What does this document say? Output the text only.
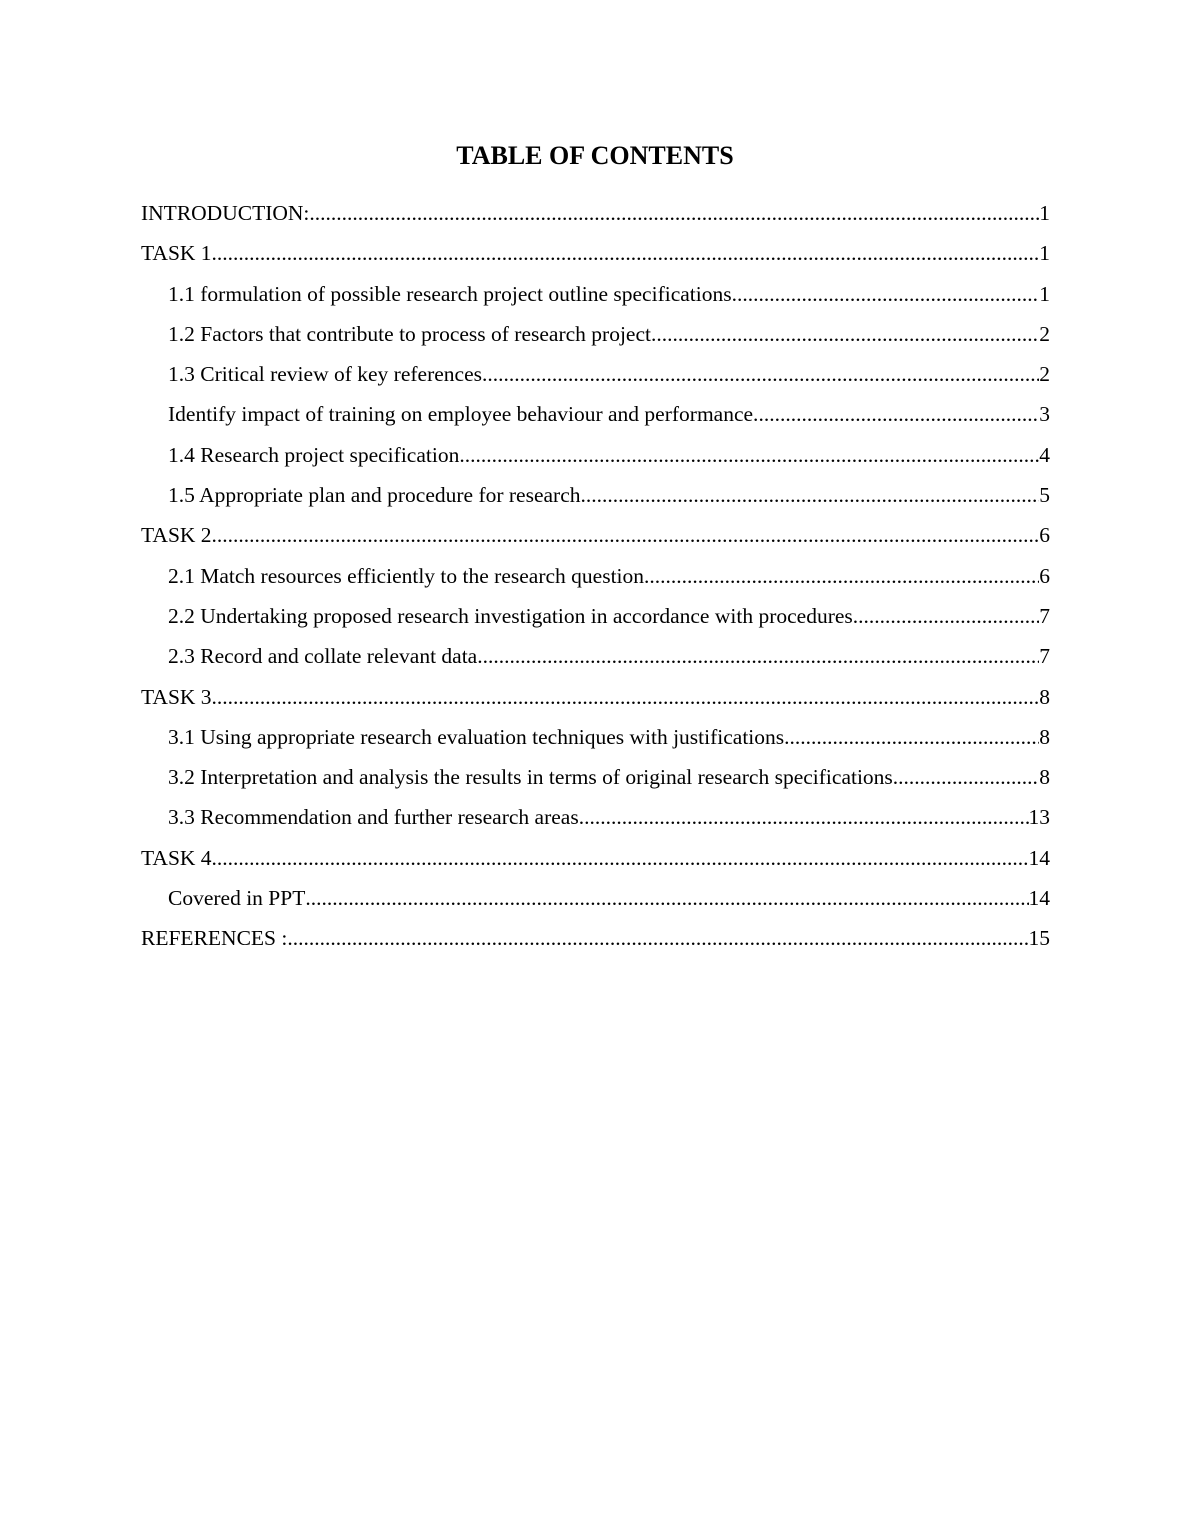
TABLE OF CONTENTS
INTRODUCTION: .....	1
TASK 1 .....	1
1.1 formulation of possible research project outline specifications .....	1
1.2 Factors that contribute to process of research project .....	2
1.3 Critical review of key references .....	2
Identify impact of training on employee behaviour and performance. .....	3
1.4 Research project specification .....	4
1.5 Appropriate plan and procedure for research .....	5
TASK 2 .....	6
2.1 Match resources efficiently to the research question .....	6
2.2 Undertaking proposed research investigation in accordance with procedures .....	7
2.3 Record and collate relevant data .....	7
TASK 3 .....	8
3.1 Using appropriate research evaluation techniques with justifications .....	8
3.2 Interpretation and analysis the results in terms of original research specifications .....	8
3.3 Recommendation and further research areas .....	13
TASK 4 .....	14
Covered in PPT .....	14
REFERENCES : .....	15
